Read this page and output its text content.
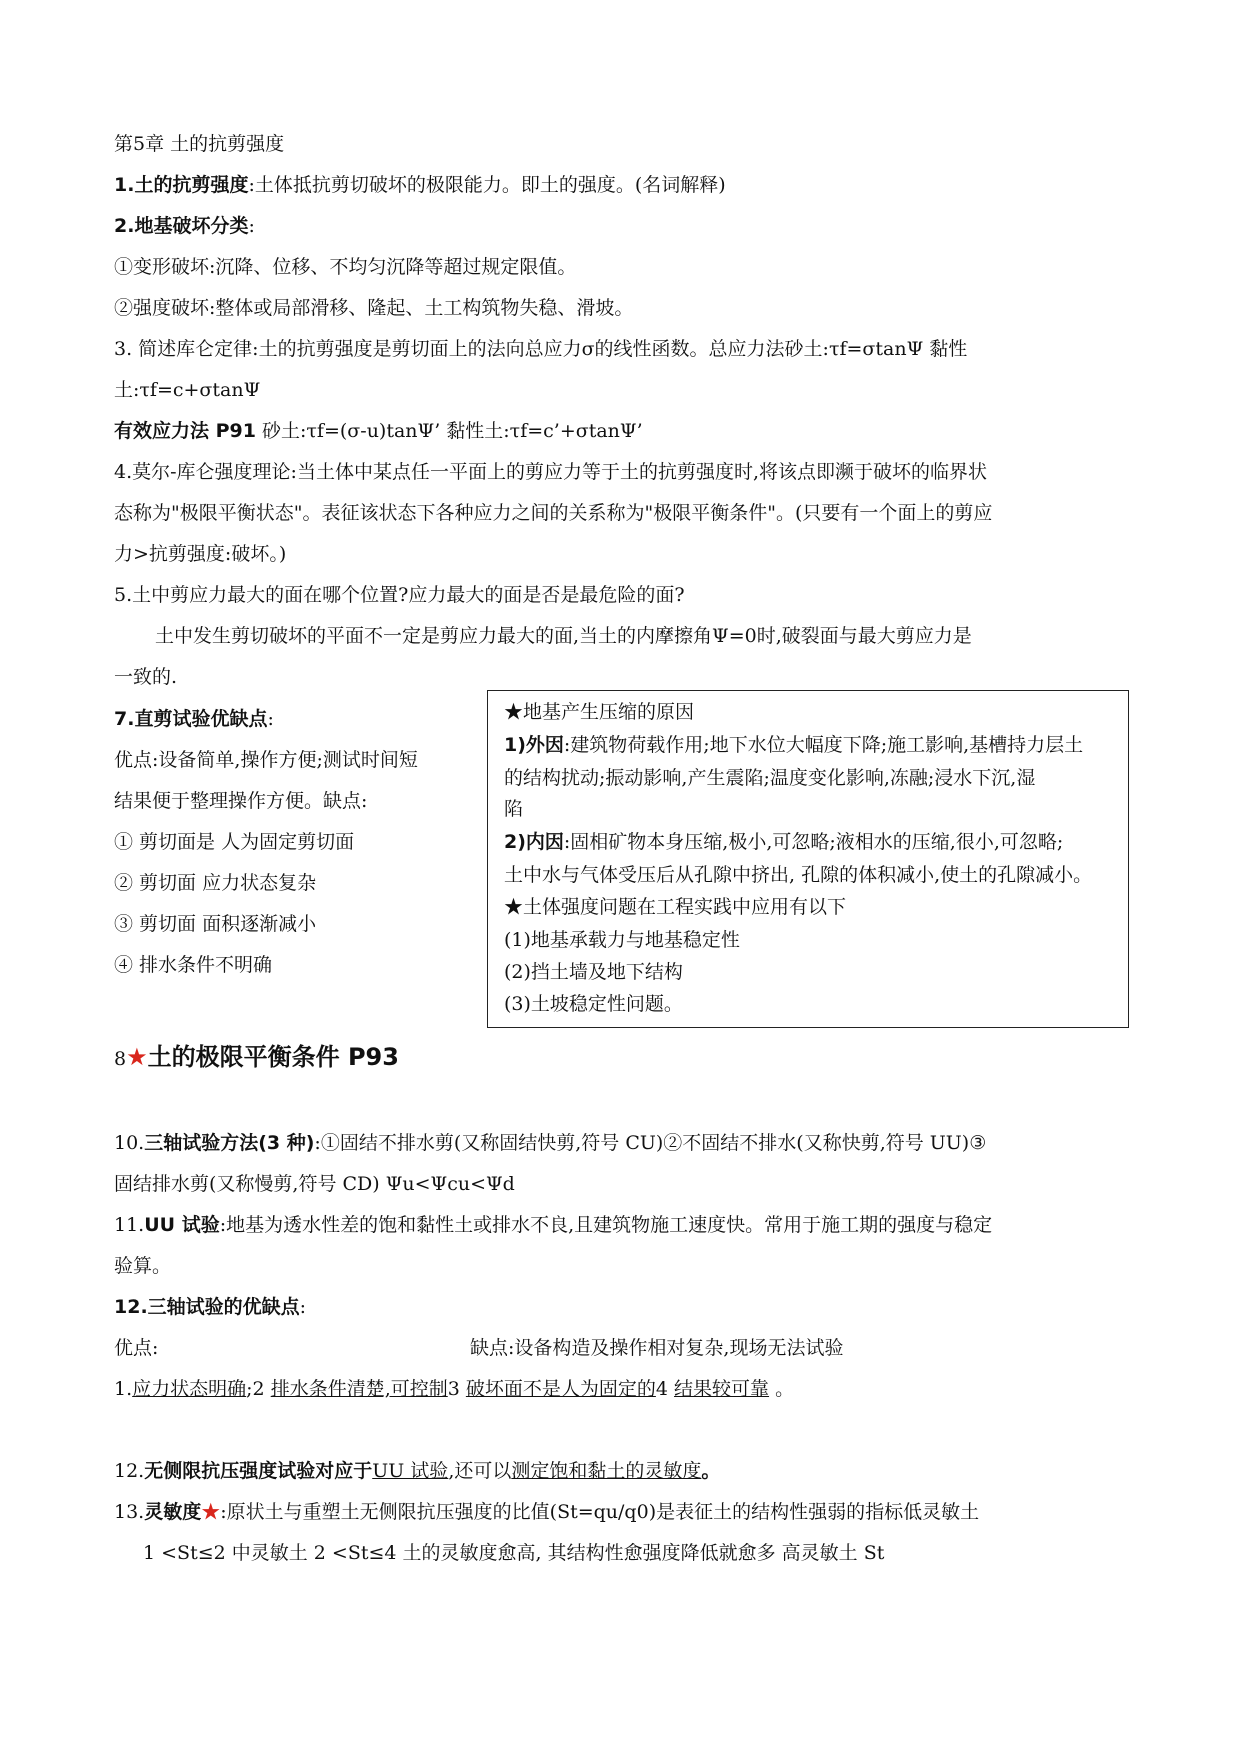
第5章 土的抗剪强度
1.土的抗剪强度:土体抵抗剪切破坏的极限能力。即土的强度。(名词解释)
2.地基破坏分类:
①变形破坏:沉降、位移、不均匀沉降等超过规定限值。
②强度破坏:整体或局部滑移、隆起、土工构筑物失稳、滑坡。
3. 简述库仑定律:土的抗剪强度是剪切面上的法向总应力σ的线性函数。总应力法砂土:τf=σtanΨ 黏性
土:τf=c+σtanΨ
有效应力法 P91 砂土:τf=(σ-u)tanΨ’ 黏性土:τf=c’+σtanΨ’
4.莫尔-库仑强度理论:当土体中某点任一平面上的剪应力等于土的抗剪强度时,将该点即濒于破坏的临界状
态称为"极限平衡状态"。表征该状态下各种应力之间的关系称为"极限平衡条件"。(只要有一个面上的剪应
力>抗剪强度:破坏。)
5.土中剪应力最大的面在哪个位置?应力最大的面是否是最危险的面?
土中发生剪切破坏的平面不一定是剪应力最大的面,当土的内摩擦角Ψ=0时,破裂面与最大剪应力是
一致的.
7.直剪试验优缺点:
优点:设备简单,操作方便;测试时间短
结果便于整理操作方便。缺点:
① 剪切面是 人为固定剪切面
② 剪切面 应力状态复杂
③ 剪切面 面积逐渐减小
④ 排水条件不明确
★地基产生压缩的原因
1)外因:建筑物荷载作用;地下水位大幅度下降;施工影响,基槽持力层土
的结构扰动;振动影响,产生震陷;温度变化影响,冻融;浸水下沉,湿
陷
2)内因:固相矿物本身压缩,极小,可忽略;液相水的压缩,很小,可忽略;
土中水与气体受压后从孔隙中挤出, 孔隙的体积减小,使土的孔隙减小。
★土体强度问题在工程实践中应用有以下
(1)地基承载力与地基稳定性
(2)挡土墙及地下结构
(3)土坡稳定性问题。
8★土的极限平衡条件 P93
10.三轴试验方法(3 种):①固结不排水剪(又称固结快剪,符号 CU)②不固结不排水(又称快剪,符号 UU)③
固结排水剪(又称慢剪,符号 CD) Ψu<Ψcu<Ψd
11.UU 试验:地基为透水性差的饱和黏性土或排水不良,且建筑物施工速度快。常用于施工期的强度与稳定
验算。
12.三轴试验的优缺点:
优点:	缺点:设备构造及操作相对复杂,现场无法试验
1.应力状态明确;2 排水条件清楚,可控制3 破坏面不是人为固定的4 结果较可靠 。
12.无侧限抗压强度试验对应于UU 试验,还可以测定饱和黏土的灵敏度。
13.灵敏度★:原状土与重塑土无侧限抗压强度的比值(St=qu/q0)是表征土的结构性强弱的指标低灵敏土
1 <St≤2 中灵敏土 2 <St≤4 土的灵敏度愈高, 其结构性愈强度降低就愈多 高灵敏土 St
